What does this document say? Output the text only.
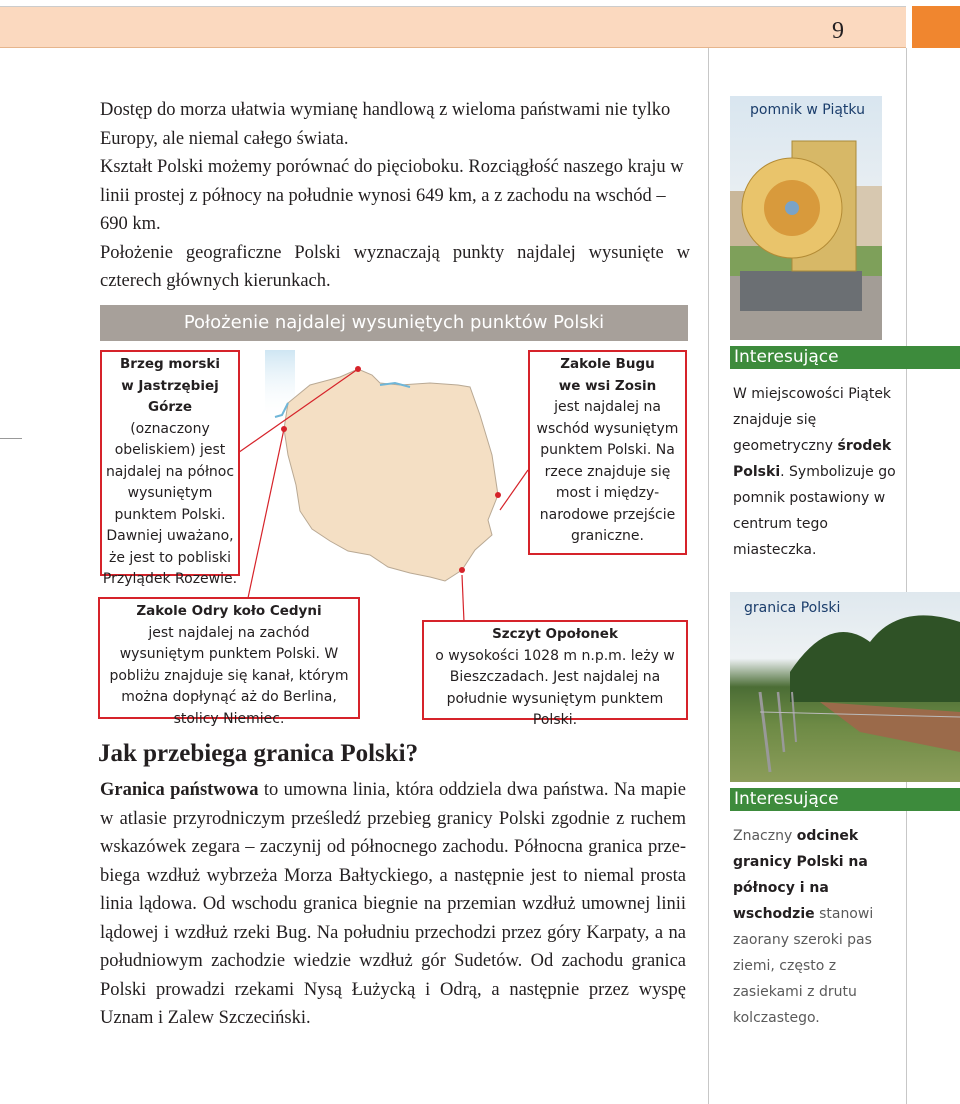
9
Dostęp do morza ułatwia wymianę handlową z wieloma państwami nie tylko Europy, ale niemal całego świata.
Kształt Polski możemy porównać do pięcioboku. Rozciągłość naszego kraju w linii prostej z północy na południe wynosi 649 km, a z zachodu na wschód – 690 km.
Położenie geograficzne Polski wyznaczają punkty najdalej wysunięte w czterech głównych kierunkach.
Położenie najdalej wysuniętych punktów Polski
Brzeg morski
w Jastrzębiej Górze
(oznaczony obeliskiem) jest najdalej na północ wysuniętym punktem Polski. Dawniej uważano, że jest to pobliski Przylądek Rozewie.
Zakole Bugu
we wsi Zosin
jest najdalej na wschód wysuniętym punktem Polski. Na rzece znajduje się most i między-narodowe przejście graniczne.
Zakole Odry koło Cedyni
jest najdalej na zachód wysuniętym punktem Polski. W pobliżu znajduje się kanał, którym można dopłynąć aż do Berlina, stolicy Niemiec.
Szczyt Opołonek
o wysokości 1028 m n.p.m. leży w Bieszczadach. Jest najdalej na południe wysuniętym punktem Polski.
Jak przebiega granica Polski?
Granica państwowa to umowna linia, która oddziela dwa państwa. Na mapie w atlasie przyrodniczym prześledź przebieg granicy Polski zgodnie z ruchem wskazówek zegara – zaczynij od północnego zachodu. Północna granica prze-biega wzdłuż wybrzeża Morza Bałtyckiego, a następnie jest to niemal prosta linia lądowa. Od wschodu granica biegnie na przemian wzdłuż umownej linii lądowej i wzdłuż rzeki Bug. Na południu przechodzi przez góry Karpaty, a na południowym zachodzie wiedzie wzdłuż gór Sudetów. Od zachodu granica Polski prowadzi rzekami Nysą Łużycką i Odrą, a następnie przez wyspę Uznam i Zalew Szczeciński.
pomnik w Piątku
Interesujące
W miejscowości Piątek znajduje się geometryczny środek Polski. Symbolizuje go pomnik postawiony w centrum tego miasteczka.
granica Polski
Interesujące
Znaczny odcinek granicy Polski na północy i na wschodzie stanowi zaorany szeroki pas ziemi, często z zasiekami z drutu kolczastego.
